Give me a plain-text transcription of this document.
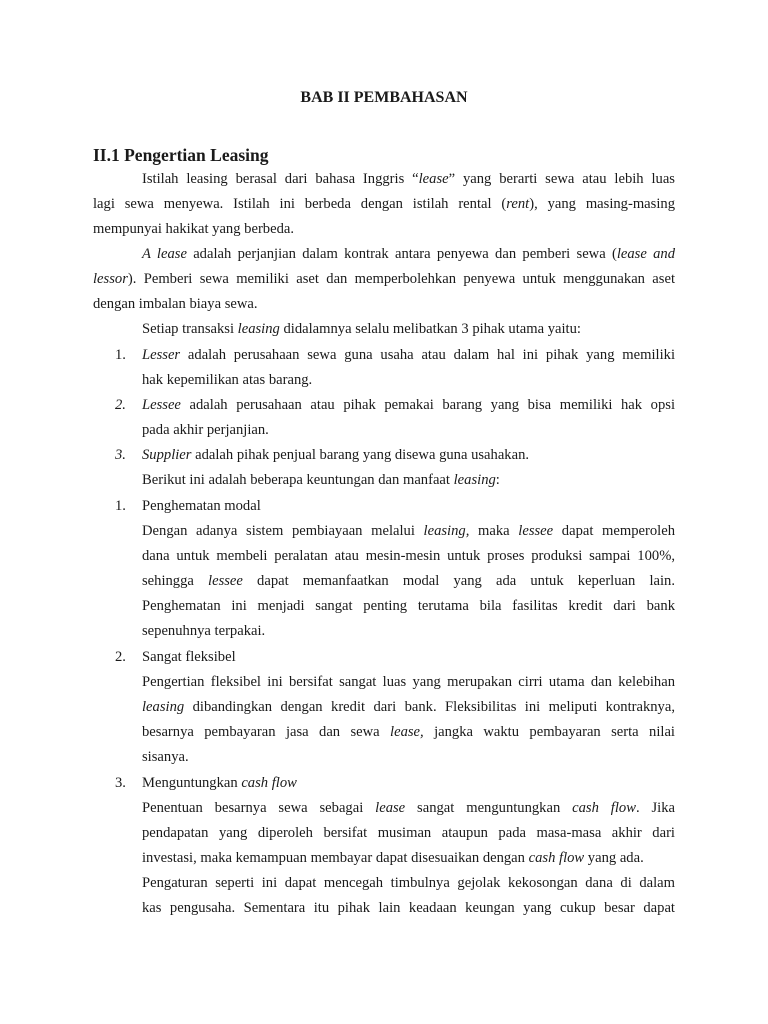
BAB II PEMBAHASAN
II.1 Pengertian Leasing
Istilah leasing berasal dari bahasa Inggris “lease” yang berarti sewa atau lebih luas
lagi sewa menyewa. Istilah ini berbeda dengan istilah rental (rent), yang masing-masing
mempunyai hakikat yang berbeda.
A lease adalah perjanjian dalam kontrak antara penyewa dan pemberi sewa (lease and
lessor). Pemberi sewa memiliki aset dan memperbolehkan penyewa untuk menggunakan aset
dengan imbalan biaya sewa.
Setiap transaksi leasing didalamnya selalu melibatkan 3 pihak utama yaitu:
1. Lesser adalah perusahaan sewa guna usaha atau dalam hal ini pihak yang memiliki
hak kepemilikan atas barang.
2. Lessee adalah perusahaan atau pihak pemakai barang yang bisa memiliki hak opsi
pada akhir perjanjian.
3. Supplier adalah pihak penjual barang yang disewa guna usahakan.
Berikut ini adalah beberapa keuntungan dan manfaat leasing:
1. Penghematan modal
Dengan adanya sistem pembiayaan melalui leasing, maka lessee dapat memperoleh
dana untuk membeli peralatan atau mesin-mesin untuk proses produksi sampai 100%,
sehingga lessee dapat memanfaatkan modal yang ada untuk keperluan lain.
Penghematan ini menjadi sangat penting terutama bila fasilitas kredit dari bank
sepenuhnya terpakai.
2. Sangat fleksibel
Pengertian fleksibel ini bersifat sangat luas yang merupakan cirri utama dan kelebihan
leasing dibandingkan dengan kredit dari bank. Fleksibilitas ini meliputi kontraknya,
besarnya pembayaran jasa dan sewa lease, jangka waktu pembayaran serta nilai
sisanya.
3. Menguntungkan cash flow
Penentuan besarnya sewa sebagai lease sangat menguntungkan cash flow. Jika
pendapatan yang diperoleh bersifat musiman ataupun pada masa-masa akhir dari
investasi, maka kemampuan membayar dapat disesuaikan dengan cash flow yang ada.
Pengaturan seperti ini dapat mencegah timbulnya gejolak kekosongan dana di dalam
kas pengusaha. Sementara itu pihak lain keadaan keungan yang cukup besar dapat
